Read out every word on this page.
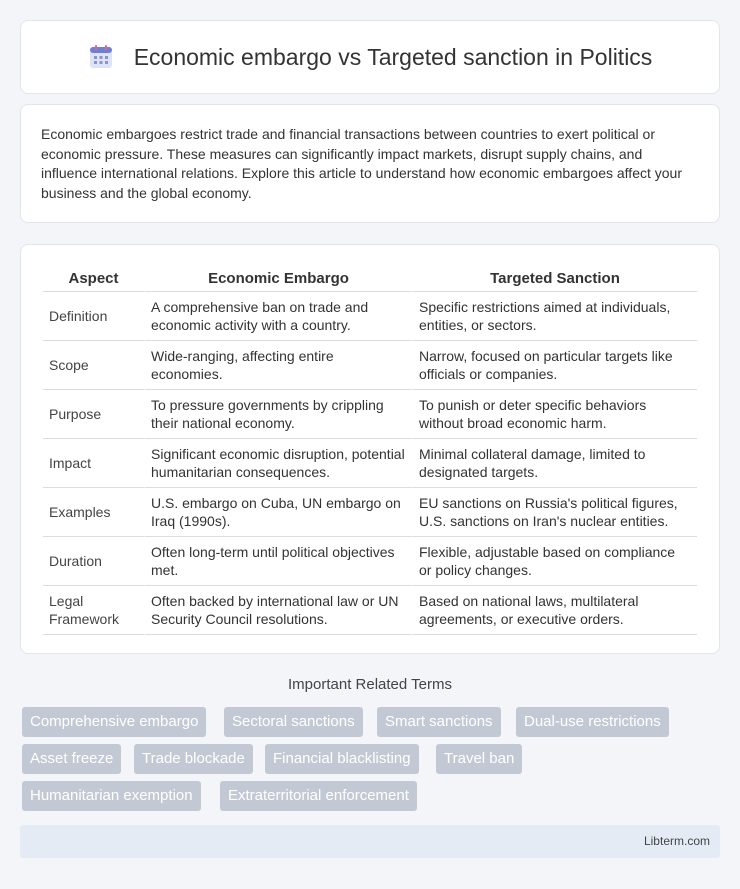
Economic embargo vs Targeted sanction in Politics

Economic embargoes restrict trade and financial transactions between countries to exert political or economic pressure. These measures can significantly impact markets, disrupt supply chains, and influence international relations. Explore this article to understand how economic embargoes affect your business and the global economy.

Aspect	Economic Embargo	Targeted Sanction
Definition	A comprehensive ban on trade and economic activity with a country.	Specific restrictions aimed at individuals, entities, or sectors.
Scope	Wide-ranging, affecting entire economies.	Narrow, focused on particular targets like officials or companies.
Purpose	To pressure governments by crippling their national economy.	To punish or deter specific behaviors without broad economic harm.
Impact	Significant economic disruption, potential humanitarian consequences.	Minimal collateral damage, limited to designated targets.
Examples	U.S. embargo on Cuba, UN embargo on Iraq (1990s).	EU sanctions on Russia's political figures, U.S. sanctions on Iran's nuclear entities.
Duration	Often long-term until political objectives met.	Flexible, adjustable based on compliance or policy changes.
Legal Framework	Often backed by international law or UN Security Council resolutions.	Based on national laws, multilateral agreements, or executive orders.
Important Related Terms
Comprehensive embargo	Sectoral sanctions	Smart sanctions	Dual-use restrictions
Asset freeze	Trade blockade	Financial blacklisting	Travel ban
Humanitarian exemption	Extraterritorial enforcement
Libterm.com
